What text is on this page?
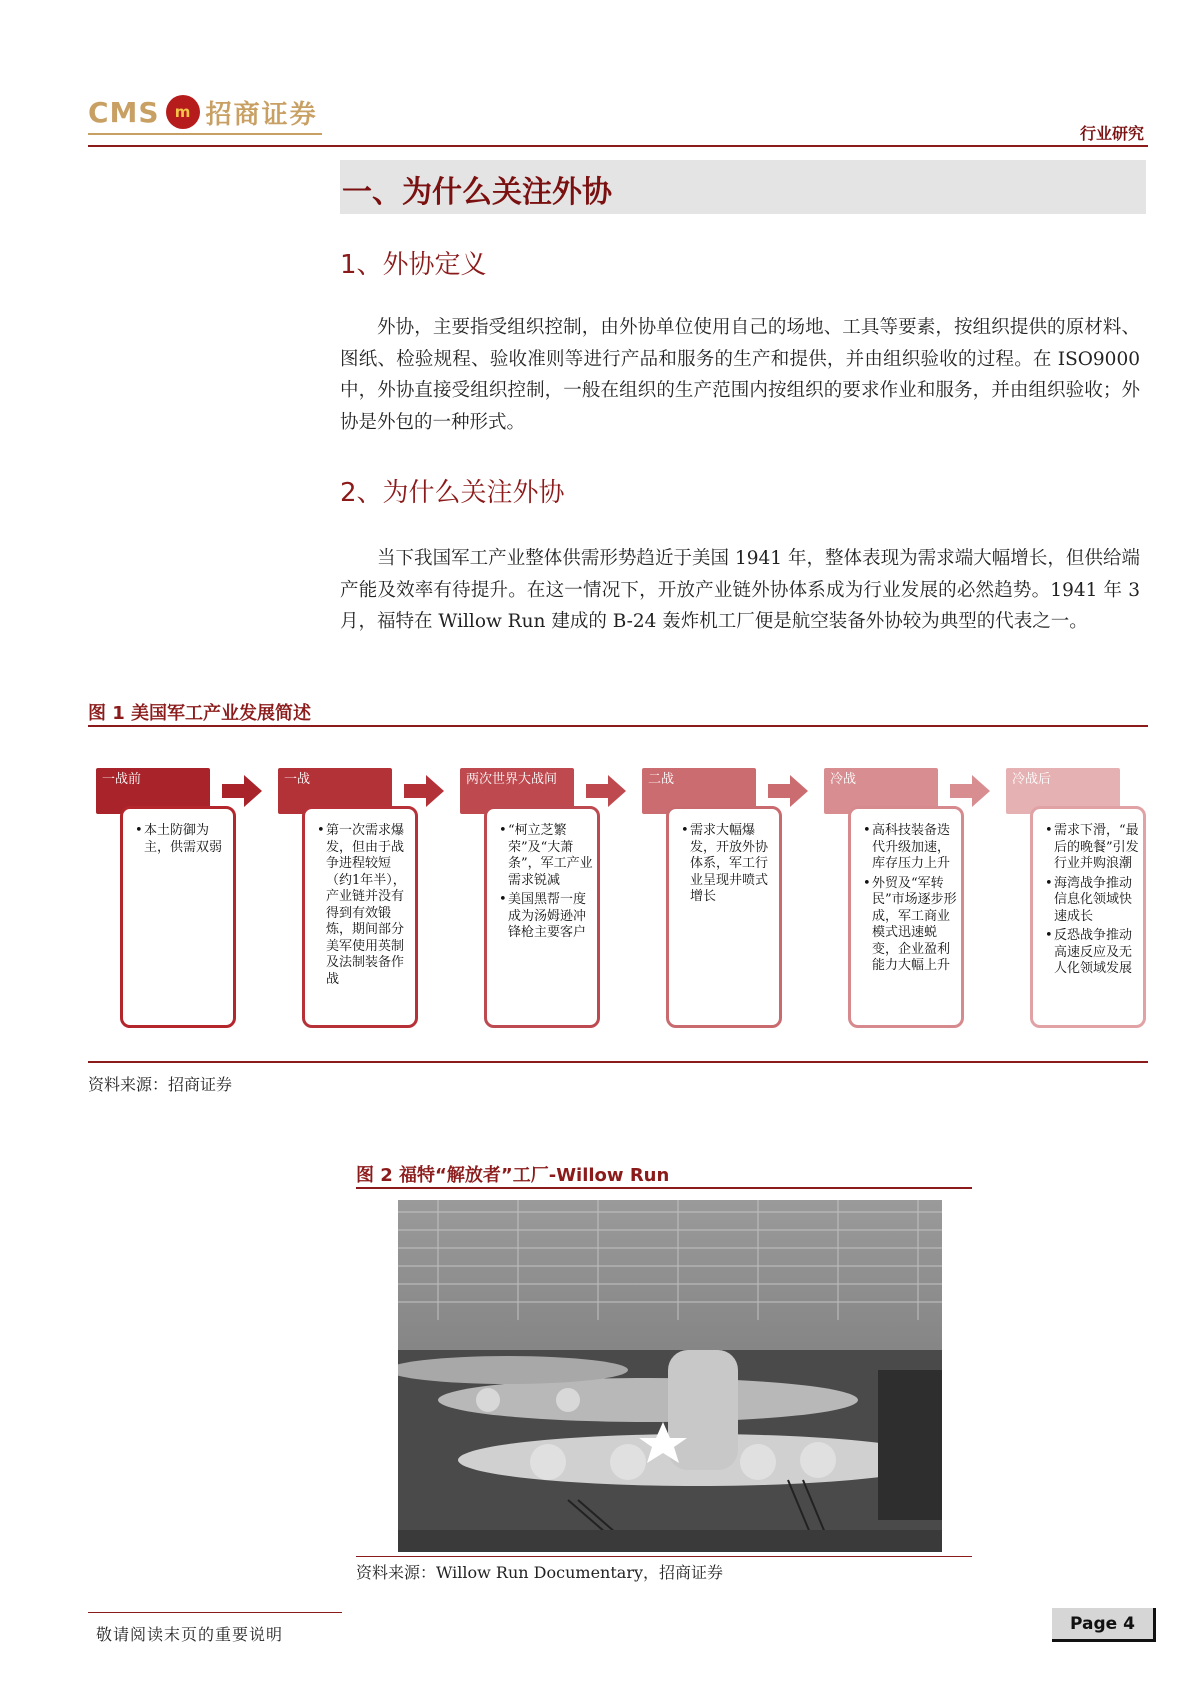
CMS m 招商证券
行业研究
一、为什么关注外协
1、外协定义

外协，主要指受组织控制，由外协单位使用自己的场地、工具等要素，按组织提供的原材料、图纸、检验规程、验收准则等进行产品和服务的生产和提供，并由组织验收的过程。在 ISO9000 中，外协直接受组织控制，一般在组织的生产范围内按组织的要求作业和服务，并由组织验收；外协是外包的一种形式。

2、为什么关注外协

当下我国军工产业整体供需形势趋近于美国 1941 年，整体表现为需求端大幅增长，但供给端产能及效率有待提升。在这一情况下，开放产业链外协体系成为行业发展的必然趋势。1941 年 3 月，福特在 Willow Run 建成的 B-24 轰炸机工厂便是航空装备外协较为典型的代表之一。

图 1 美国军工产业发展简述
一战前
• 本土防御为主，供需双弱
一战
• 第一次需求爆发，但由于战争进程较短（约1年半），产业链并没有得到有效锻炼，期间部分美军使用英制及法制装备作战
两次世界大战间
• “柯立芝繁荣”及“大萧条”，军工产业需求锐减
• 美国黑帮一度成为汤姆逊冲锋枪主要客户
二战
• 需求大幅爆发，开放外协体系，军工行业呈现井喷式增长
冷战
• 高科技装备迭代升级加速，库存压力上升
• 外贸及“军转民”市场逐步形成，军工商业模式迅速蜕变，企业盈利能力大幅上升
冷战后
• 需求下滑，“最后的晚餐”引发行业并购浪潮
• 海湾战争推动信息化领域快速成长
• 反恐战争推动高速反应及无人化领域发展
资料来源：招商证券
图 2 福特“解放者”工厂-Willow Run
资料来源：Willow Run Documentary，招商证券
敬请阅读末页的重要说明
Page 4
